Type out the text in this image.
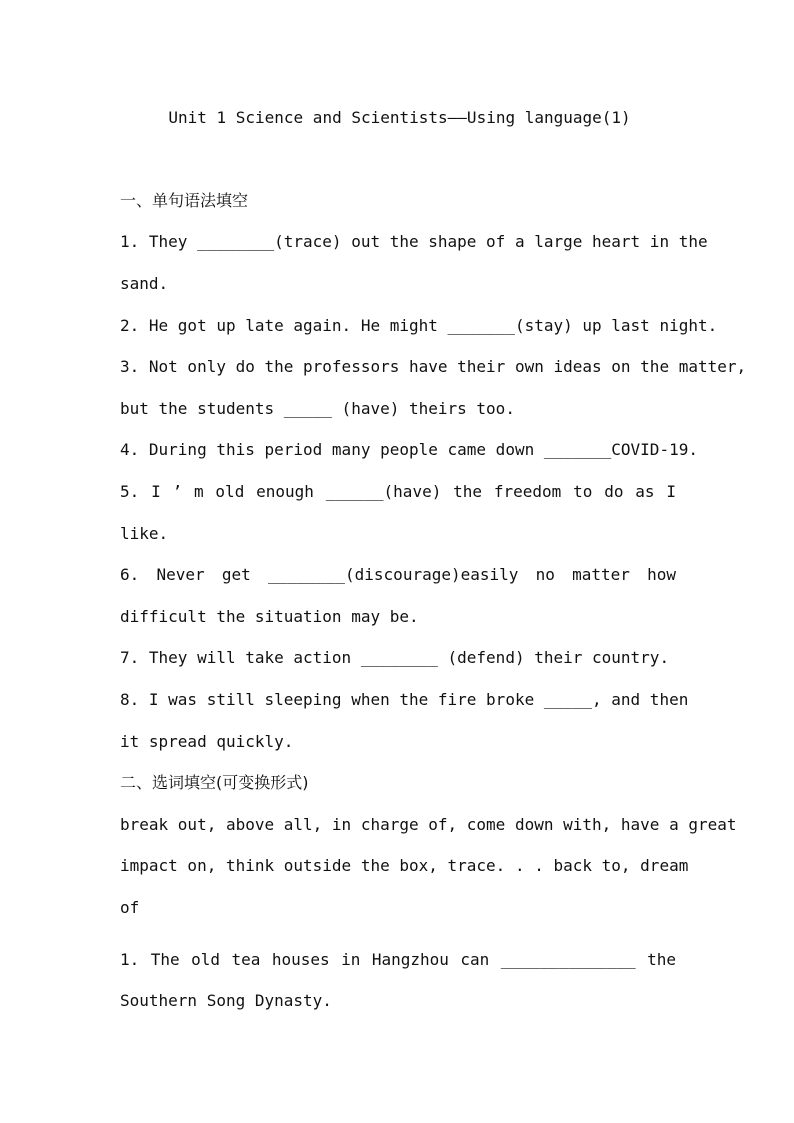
Unit 1 Science and Scientists——Using language(1)
一、单句语法填空
1. They ________(trace) out the shape of a large heart in the
sand.
2. He got up late again. He might _______(stay) up last night.
3. Not only do the professors have their own ideas on the matter,
but the students _____ (have) theirs too.
4. During this period many people came down _______COVID-19.
5. I ’ m old enough ______(have) the freedom to do as I
like.
6. Never get ________(discourage)easily no matter how
difficult the situation may be.
7. They will take action ________ (defend) their country.
8. I was still sleeping when the fire broke _____, and then
it spread quickly.
二、选词填空(可变换形式)
break out, above all, in charge of, come down with, have a great
impact on, think outside the box, trace. . . back to, dream
of
1. The old tea houses in Hangzhou can ______________ the
Southern Song Dynasty.
